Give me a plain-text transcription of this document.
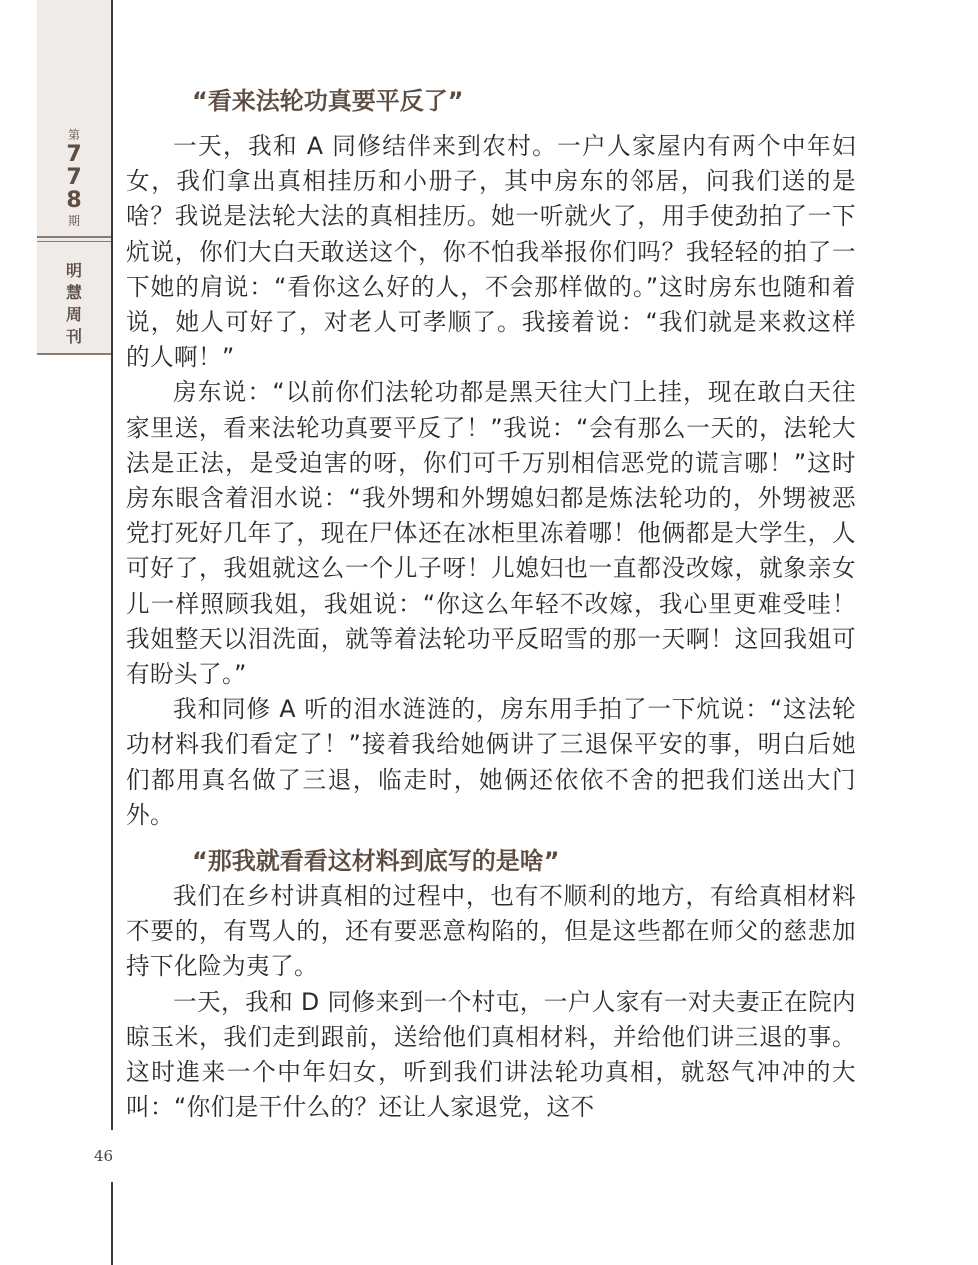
第
7
7
8
期
明
慧
周
刊
46
“看来法轮功真要平反了”

一天，我和 A 同修结伴来到农村。一户人家屋内有两个中年妇女，我们拿出真相挂历和小册子，其中房东的邻居，问我们送的是啥？我说是法轮大法的真相挂历。她一听就火了，用手使劲拍了一下炕说，你们大白天敢送这个，你不怕我举报你们吗？我轻轻的拍了一下她的肩说：“看你这么好的人，不会那样做的。”这时房东也随和着说，她人可好了，对老人可孝顺了。我接着说：“我们就是来救这样的人啊！”

房东说：“以前你们法轮功都是黑天往大门上挂，现在敢白天往家里送，看来法轮功真要平反了！”我说：“会有那么一天的，法轮大法是正法，是受迫害的呀，你们可千万别相信恶党的谎言哪！”这时房东眼含着泪水说：“我外甥和外甥媳妇都是炼法轮功的，外甥被恶党打死好几年了，现在尸体还在冰柜里冻着哪！他俩都是大学生，人可好了，我姐就这么一个儿子呀！儿媳妇也一直都没改嫁，就象亲女儿一样照顾我姐，我姐说：“你这么年轻不改嫁，我心里更难受哇！我姐整天以泪洗面，就等着法轮功平反昭雪的那一天啊！这回我姐可有盼头了。”

我和同修 A 听的泪水涟涟的，房东用手拍了一下炕说：“这法轮功材料我们看定了！”接着我给她俩讲了三退保平安的事，明白后她们都用真名做了三退，临走时，她俩还依依不舍的把我们送出大门外。

“那我就看看这材料到底写的是啥”

我们在乡村讲真相的过程中，也有不顺利的地方，有给真相材料不要的，有骂人的，还有要恶意构陷的，但是这些都在师父的慈悲加持下化险为夷了。

一天，我和 D 同修来到一个村屯，一户人家有一对夫妻正在院内晾玉米，我们走到跟前，送给他们真相材料，并给他们讲三退的事。这时進来一个中年妇女，听到我们讲法轮功真相，就怒气冲冲的大叫：“你们是干什么的？还让人家退党，这不
